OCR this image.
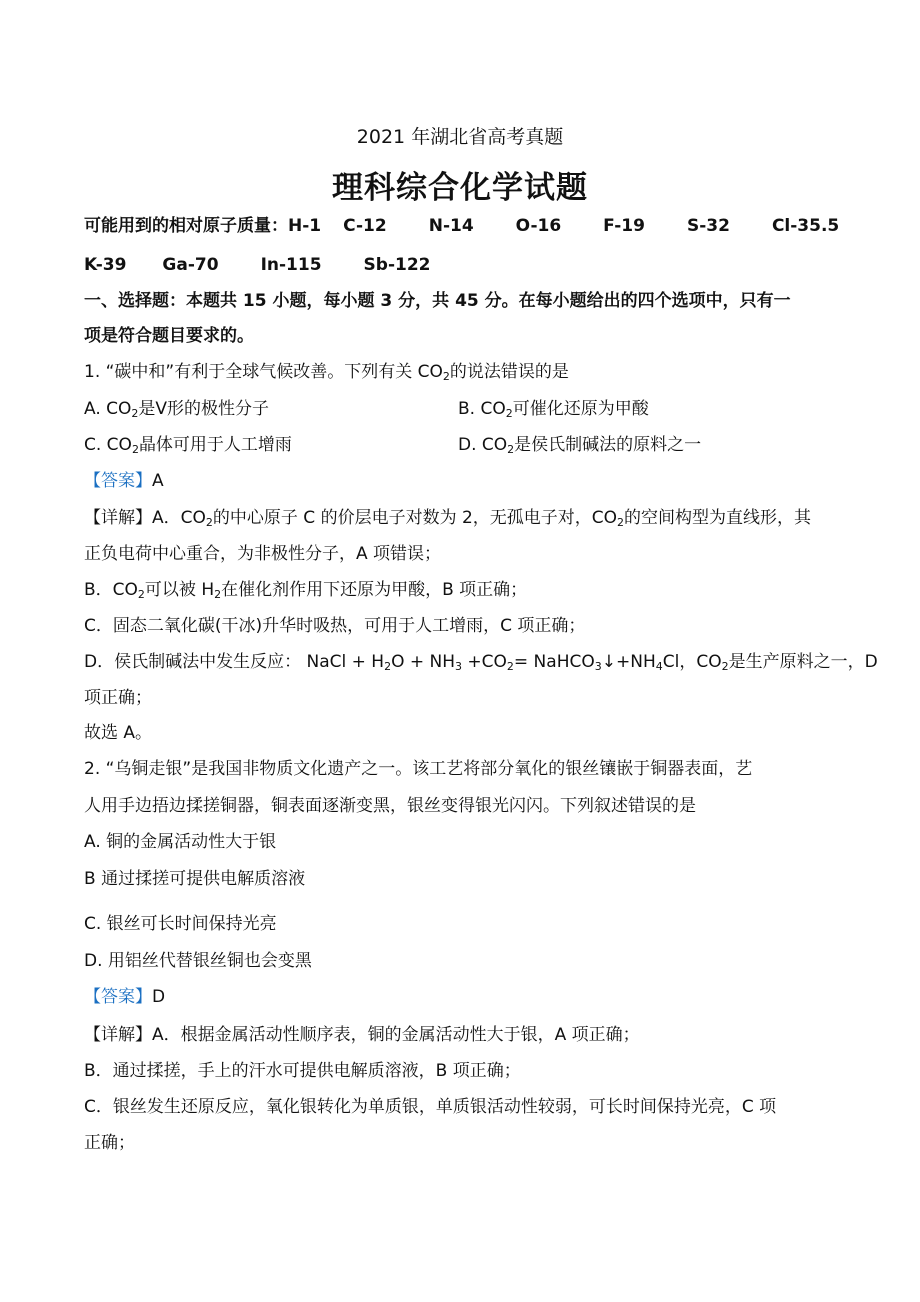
2021 年湖北省高考真题
理科综合化学试题
可能用到的相对原子质量：H-1 C-12 N-14 O-16 F-19 S-32 Cl-35.5
K-39 Ga-70 In-115 Sb-122
一、选择题：本题共 15 小题，每小题 3 分，共 45 分。在每小题给出的四个选项中，只有一
项是符合题目要求的。
1. “碳中和”有利于全球气候改善。下列有关 $CO_2$的说法错误的是
A. $CO_2$是Ⅴ形的极性分子	B. $CO_2$可催化还原为甲酸
C. $CO_2$晶体可用于人工增雨	D. $CO_2$是侯氏制碱法的原料之一
【答案】A
【详解】A．$CO_2$的中心原子 C 的价层电子对数为 2，无孤电子对，$CO_2$的空间构型为直线形，其
正负电荷中心重合，为非极性分子，A 项错误；
B．$CO_2$可以被 $H_2$在催化剂作用下还原为甲酸，B 项正确；
C．固态二氧化碳(干冰)升华时吸热，可用于人工增雨，C 项正确；
D．侯氏制碱法中发生反应： NaCl + $H_2O + NH_3 +CO_2=$ $NaHCO_3↓+NH_4Cl$，$CO_2$是生产原料之一，D
项正确；
故选 A。
2. “乌铜走银”是我国非物质文化遗产之一。该工艺将部分氧化的银丝镶嵌于铜器表面，艺
人用手边捂边揉搓铜器，铜表面逐渐变黑，银丝变得银光闪闪。下列叙述错误的是
A. 铜的金属活动性大于银
B 通过揉搓可提供电解质溶液
C. 银丝可长时间保持光亮
D. 用铝丝代替银丝铜也会变黑
【答案】D
【详解】A．根据金属活动性顺序表，铜的金属活动性大于银，A 项正确；
B．通过揉搓，手上的汗水可提供电解质溶液，B 项正确；
C．银丝发生还原反应，氧化银转化为单质银，单质银活动性较弱，可长时间保持光亮，C 项
正确；
